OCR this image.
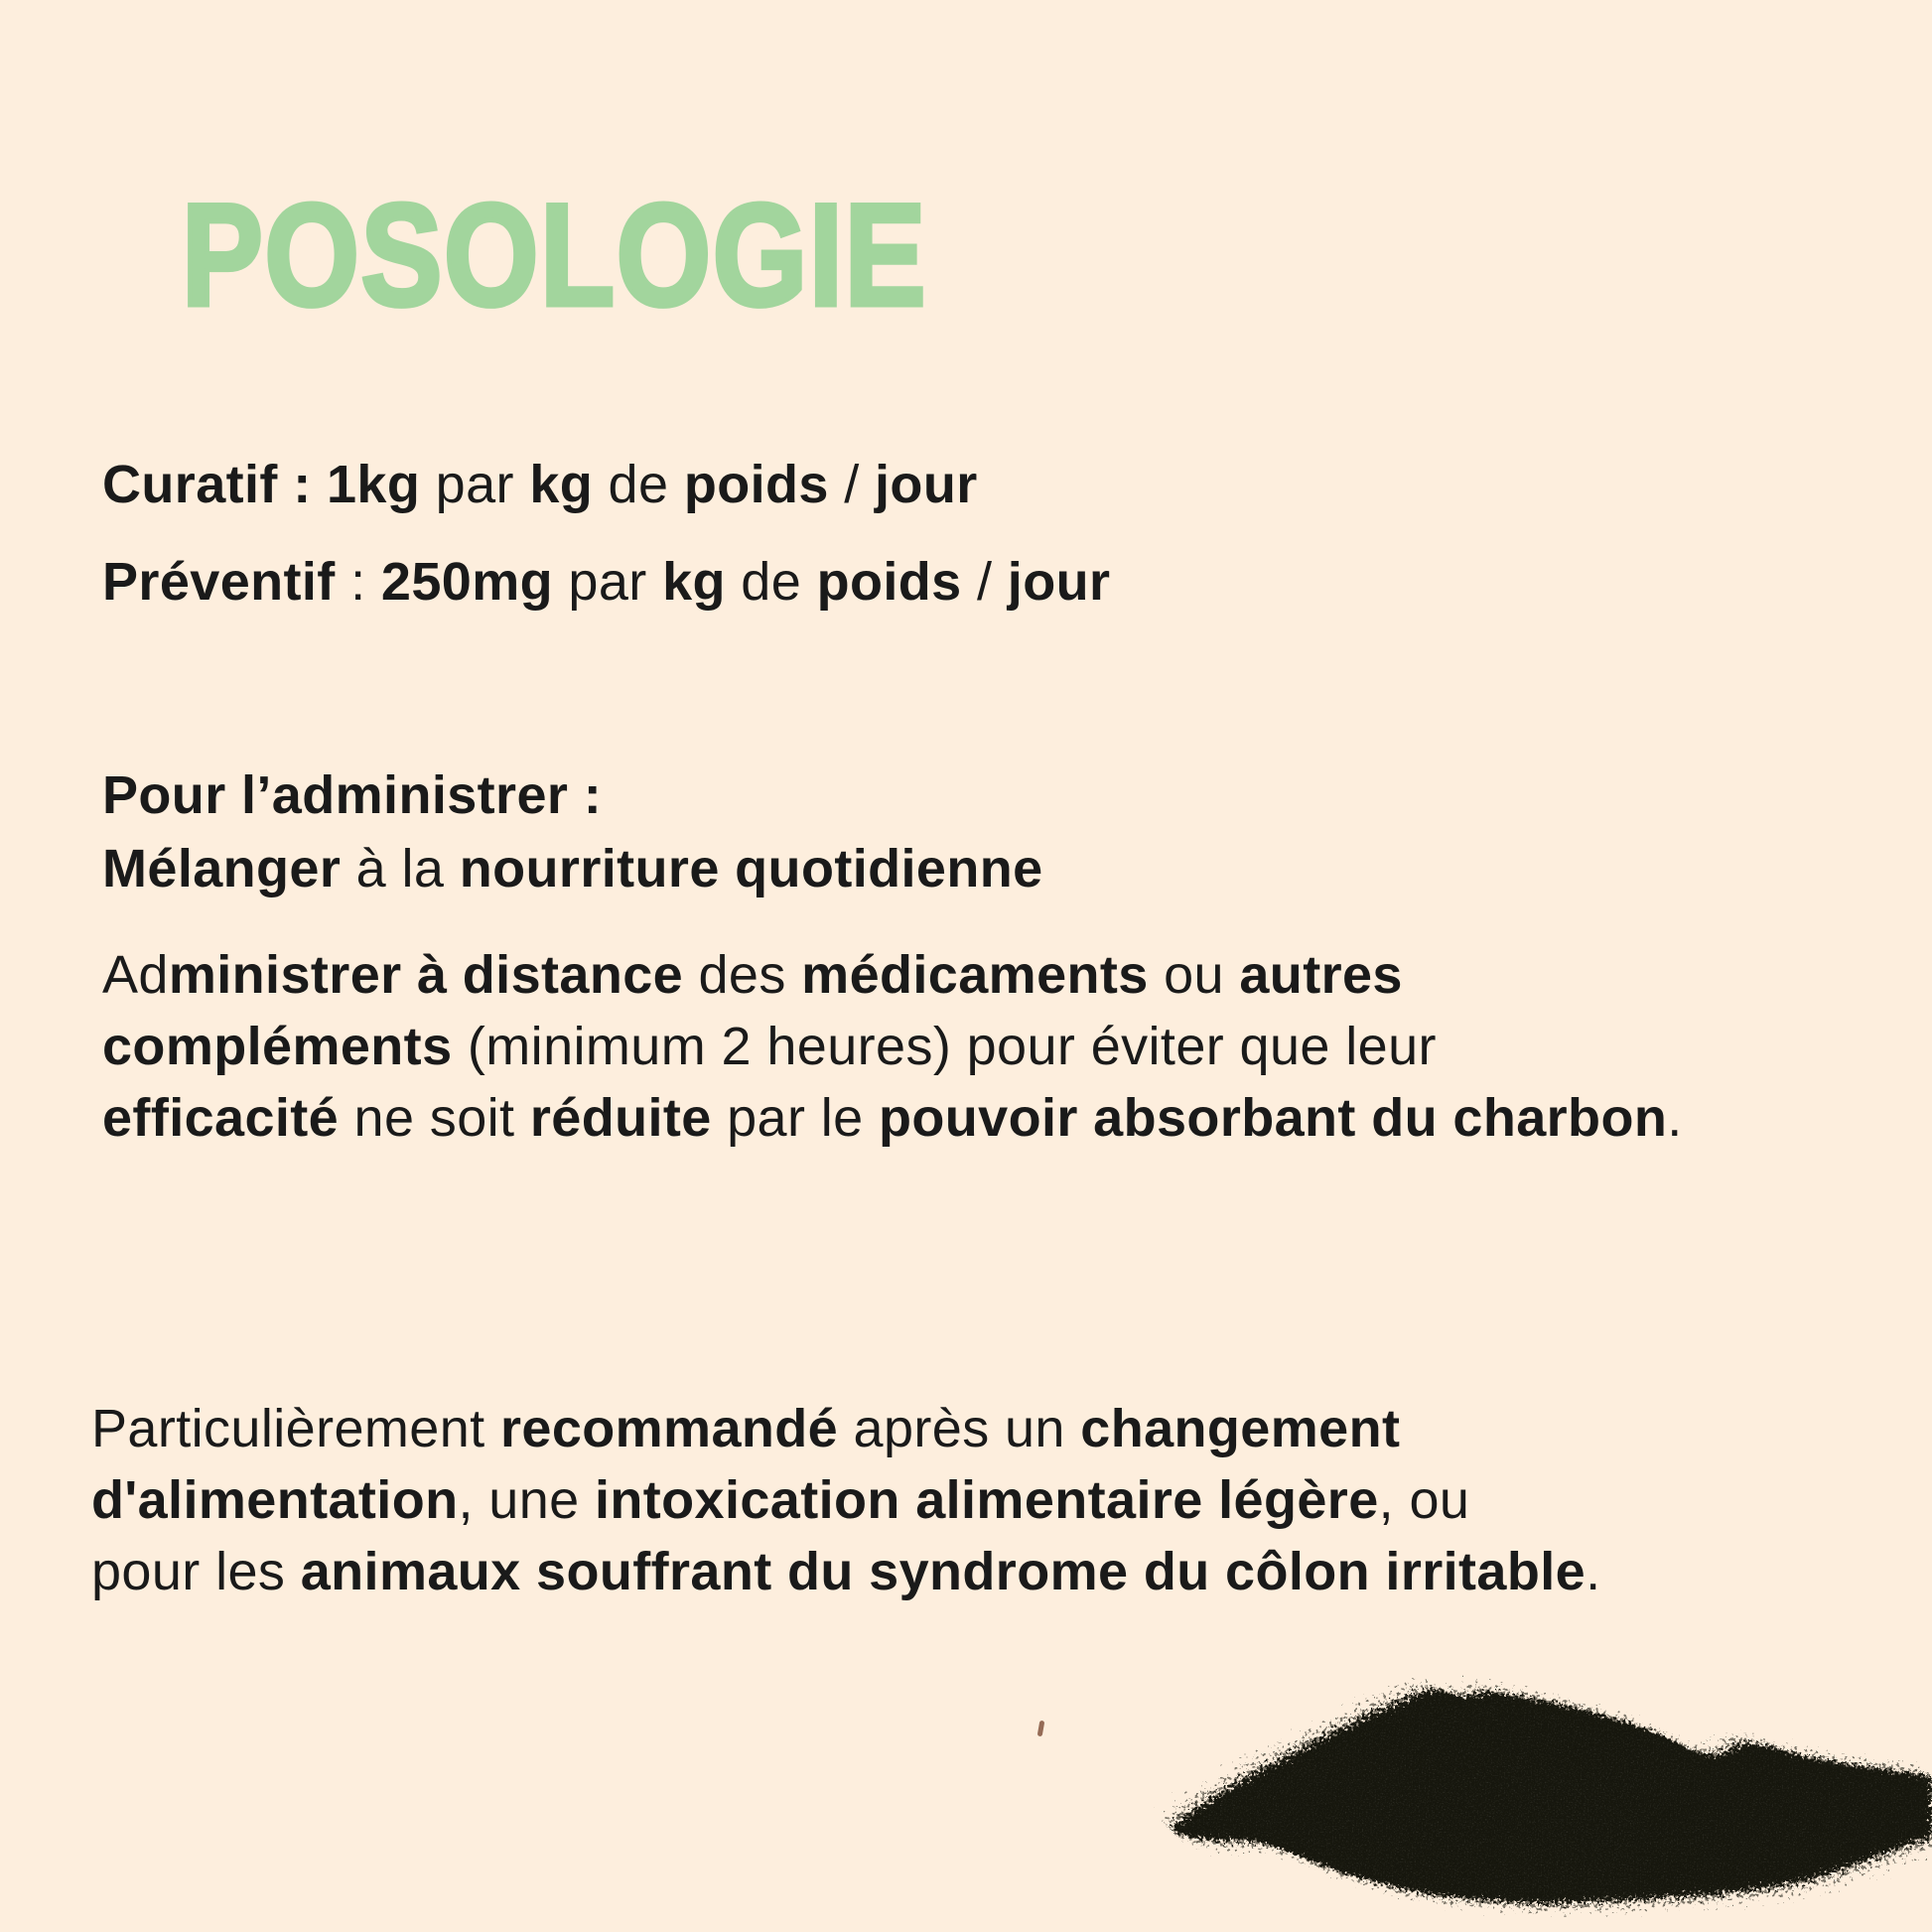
POSOLOGIE
Curatif : 1kg par kg de poids / jour
Préventif : 250mg par kg de poids / jour
Pour l’administrer :
Mélanger à la nourriture quotidienne
Administrer à distance des médicaments ou autres
compléments (minimum 2 heures) pour éviter que leur
efficacité ne soit réduite par le pouvoir absorbant du charbon.
Particulièrement recommandé après un changement
d'alimentation, une intoxication alimentaire légère, ou
pour les animaux souffrant du syndrome du côlon irritable.
